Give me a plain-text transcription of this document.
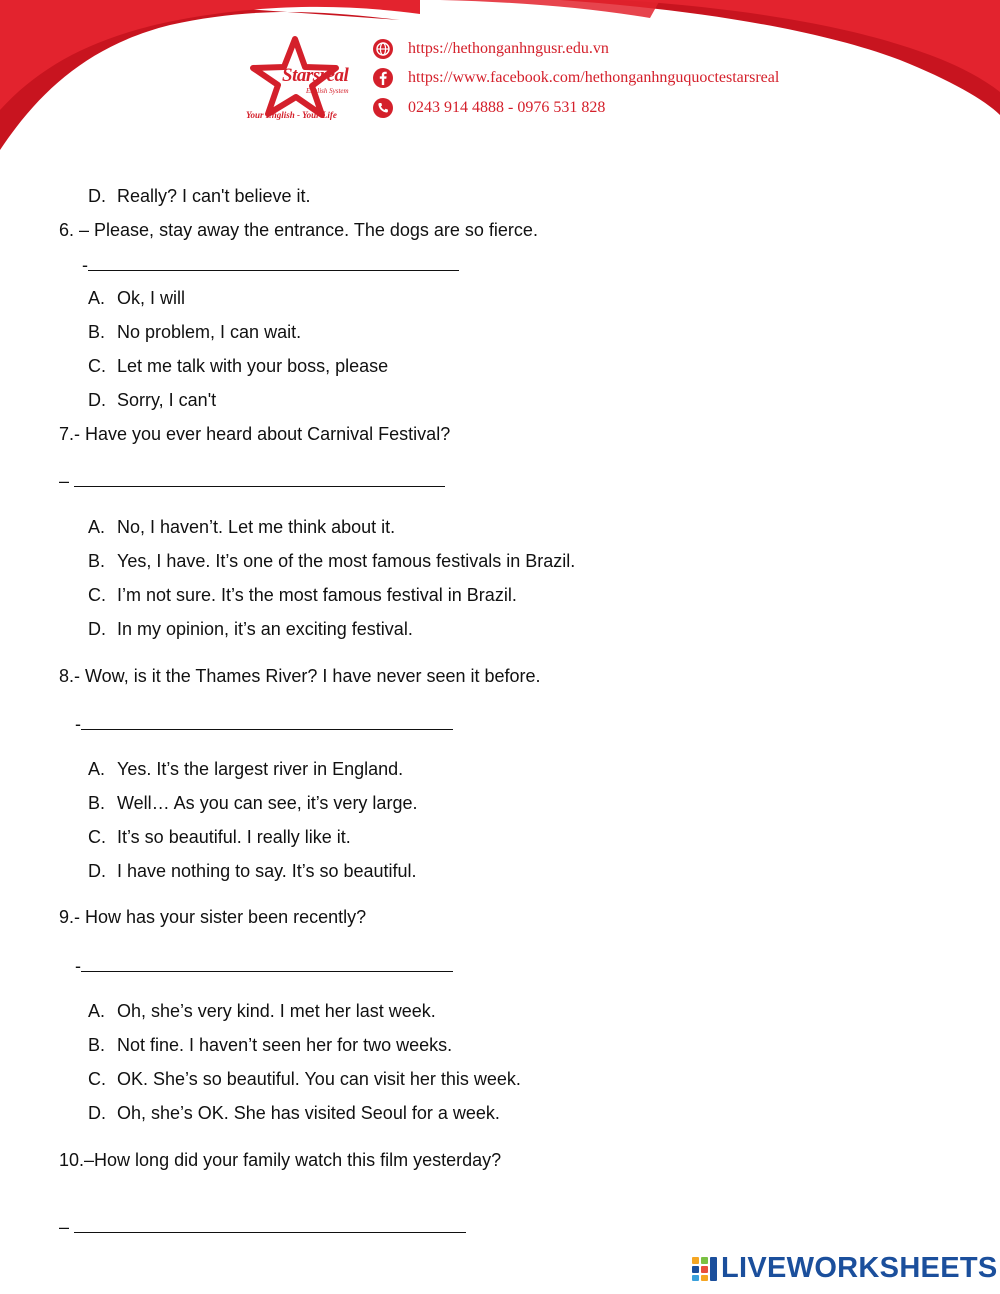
Starsreal
English System
Your English - Your Life
https://hethonganhngusr.edu.vn
https://www.facebook.com/hethonganhnguquoctestarsreal
0243 914 4888 - 0976 531 828
D. Really? I can't believe it.
6. – Please, stay away the entrance. The dogs are so fierce.
-
A. Ok, I will
B. No problem, I can wait.
C. Let me talk with your boss, please
D. Sorry, I can't
7.- Have you ever heard about Carnival Festival?
–
A. No, I haven’t. Let me think about it.
B. Yes, I have. It’s one of the most famous festivals in Brazil.
C. I’m not sure. It’s the most famous festival in Brazil.
D. In my opinion, it’s an exciting festival.
8.- Wow, is it the Thames River? I have never seen it before.
-
A. Yes. It’s the largest river in England.
B. Well… As you can see, it’s very large.
C. It’s so beautiful. I really like it.
D. I have nothing to say. It’s so beautiful.
9.- How has your sister been recently?
-
A. Oh, she’s very kind. I met her last week.
B. Not fine. I haven’t seen her for two weeks.
C. OK. She’s so beautiful. You can visit her this week.
D. Oh, she’s OK. She has visited Seoul for a week.
10.–How long did your family watch this film yesterday?
–
LIVEWORKSHEETS
